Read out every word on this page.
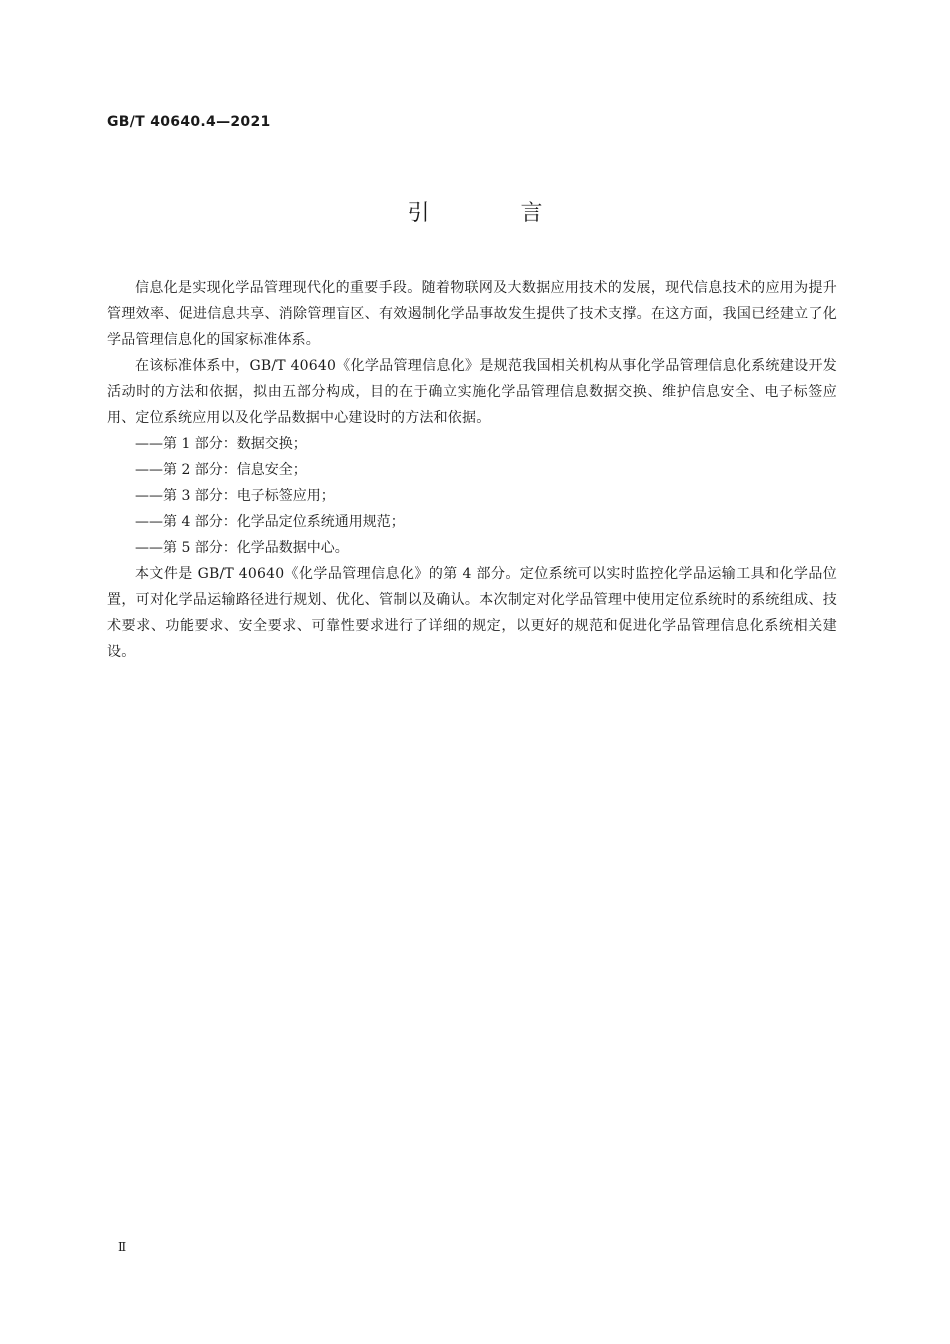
GB/T 40640.4—2021
引 言

信息化是实现化学品管理现代化的重要手段。随着物联网及大数据应用技术的发展，现代信息技术的应用为提升管理效率、促进信息共享、消除管理盲区、有效遏制化学品事故发生提供了技术支撑。在这方面，我国已经建立了化学品管理信息化的国家标准体系。

在该标准体系中，GB/T 40640《化学品管理信息化》是规范我国相关机构从事化学品管理信息化系统建设开发活动时的方法和依据，拟由五部分构成，目的在于确立实施化学品管理信息数据交换、维护信息安全、电子标签应用、定位系统应用以及化学品数据中心建设时的方法和依据。

——第 1 部分：数据交换；

——第 2 部分：信息安全；

——第 3 部分：电子标签应用；

——第 4 部分：化学品定位系统通用规范；

——第 5 部分：化学品数据中心。

本文件是 GB/T 40640《化学品管理信息化》的第 4 部分。定位系统可以实时监控化学品运输工具和化学品位置，可对化学品运输路径进行规划、优化、管制以及确认。本次制定对化学品管理中使用定位系统时的系统组成、技术要求、功能要求、安全要求、可靠性要求进行了详细的规定，以更好的规范和促进化学品管理信息化系统相关建设。

Ⅱ
